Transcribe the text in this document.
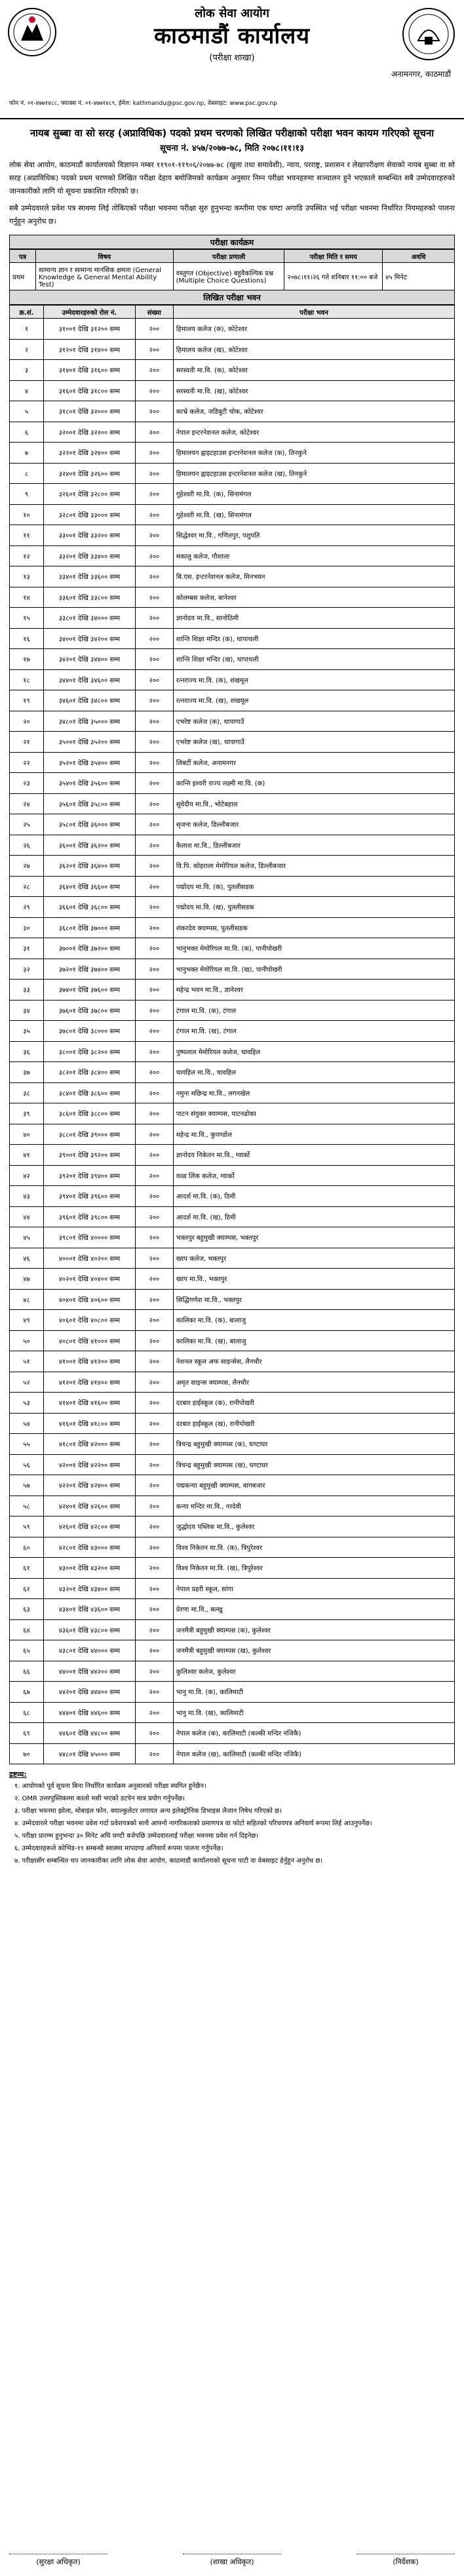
लोक सेवा आयोग
काठमाडौं कार्यालय
(परीक्षा शाखा)
अनामनगर, काठमाडौं
फोन नं. ०१-४७७१४८८, फ्याक्स नं. ०१-४७७१४८९, ईमेल: kathmandu@psc.gov.np, वेबसाइट: www.psc.gov.np
नायब सुब्बा वा सो सरह (अप्राविधिक) पदको प्रथम चरणको लिखित परीक्षाको परीक्षा भवन कायम गरिएको सूचना
सूचना नं. ४५७/२०७७-७८, मिति २०७८।११।१३

लोक सेवा आयोग, काठमाडौं कार्यालयको विज्ञापन नम्बर ११९०१-११९०६/२०७७-७८ (खुला तथा समावेशी), न्याय, परराष्ट्र, प्रशासन र लेखापरीक्षण सेवाको नायब सुब्बा वा सो सरह (अप्राविधिक) पदको प्रथम चरणको लिखित परीक्षा देहाय बमोजिमको कार्यक्रम अनुसार निम्न परीक्षा भवनहरुमा सञ्चालन हुने भएकाले सम्बन्धित सबै उम्मेदवारहरुको जानकारीको लागि यो सूचना प्रकाशित गरिएको छ।

सबै उम्मेदवारले प्रवेश पत्र साथमा लिई तोकिएको परीक्षा भवनमा परीक्षा सुरु हुनुभन्दा कम्तीमा एक घण्टा अगाडि उपस्थित भई परीक्षा भवनमा निर्धारित नियमहरुको पालना गर्नुहुन अनुरोध छ।

परीक्षा कार्यक्रम
पत्र	विषय	परीक्षा प्रणाली	परीक्षा मिति र समय	अवधि
प्रथम	सामान्य ज्ञान र सामान्य मानसिक क्षमता (General Knowledge & General Mental Ability Test)	वस्तुगत (Objective) बहुवैकल्पिक प्रश्न (Multiple Choice Questions)	२०७८।११।२६ गते शनिबार ११:०० बजे	४५ मिनेट
लिखित परीक्षा भवन
क्र.सं.	उम्मेदवारहरुको रोल नं.	संख्या	परीक्षा भवन
१	३१००१ देखि ३१२०० सम्म	२००	हिमालय कलेज (क), कोटेश्वर
२	३१२०१ देखि ३१४०० सम्म	२००	हिमालय कलेज (ख), कोटेश्वर
३	३१४०१ देखि ३१६०० सम्म	२००	सरस्वती मा.वि. (क), कोटेश्वर
४	३१६०१ देखि ३१८०० सम्म	२००	सरस्वती मा.वि. (ख), कोटेश्वर
५	३१८०१ देखि ३२००० सम्म	२००	काभ्रे कलेज, जडिबुटी चोक, कोटेश्वर
६	३२००१ देखि ३२२०० सम्म	२००	नेपाल इन्टरनेशनल कलेज, कोटेश्वर
७	३२२०१ देखि ३२४०० सम्म	२००	हिमालयन ह्वाइटहाउस इन्टरनेशनल कलेज (क), तिनकुने
८	३२४०१ देखि ३२६०० सम्म	२००	हिमालयन ह्वाइटहाउस इन्टरनेशनल कलेज (ख), तिनकुने
९	३२६०१ देखि ३२८०० सम्म	२००	गुहेश्वरी मा.वि. (क), सिनामंगल
१०	३२८०१ देखि ३३००० सम्म	२००	गुहेश्वरी मा.वि. (ख), सिनामंगल
११	३३००१ देखि ३३२०० सम्म	२००	सिद्धेश्वर मा.वि., गणितपुर, पशुपति
१२	३३२०१ देखि ३३४०० सम्म	२००	मकालु कलेज, गौशाला
१३	३३४०१ देखि ३३६०० सम्म	२००	बि.एस. इन्टरनेशनल कलेज, मिनभवन
१४	३३६०१ देखि ३३८०० सम्म	२००	कोलम्बस कलेज, बानेश्वर
१५	३३८०१ देखि ३४००० सम्म	२००	ज्ञानोदय मा.वि., सानोठिमी
१६	३४००१ देखि ३४२०० सम्म	२००	शान्ति शिक्षा मन्दिर (क), थापाथली
१७	३४२०१ देखि ३४४०० सम्म	२००	शान्ति शिक्षा मन्दिर (ख), थापाथली
१८	३४४०१ देखि ३४६०० सम्म	२००	रत्नराज्य मा.वि. (क), शंखमूल
१९	३४६०१ देखि ३४८०० सम्म	२००	रत्नराज्य मा.वि. (ख), शंखमूल
२०	३४८०१ देखि ३५००० सम्म	२००	एभरेष्ट कलेज (क), थापागाउँ
२१	३५००१ देखि ३५२०० सम्म	२००	एभरेष्ट कलेज (ख), थापागाउँ
२२	३५२०१ देखि ३५४०० सम्म	२००	लिबर्टी कलेज, अनामनगर
२३	३५४०१ देखि ३५६०० सम्म	२००	कान्ति इश्वरी राज्य लक्ष्मी मा.वि. (क)
२४	३५६०१ देखि ३५८०० सम्म	२००	सुवेदीय मा.वि., भोटेबहाल
२५	३५८०१ देखि ३६००० सम्म	२००	सृजना कलेज, डिल्लीबजार
२६	३६००१ देखि ३६२०० सम्म	२००	कैलाश मा.वि., डिल्लीबजार
२७	३६२०१ देखि ३६४०० सम्म	२००	वि.पि. कोइराला मेमोरियल कलेज, डिल्लीबजार
२८	३६४०१ देखि ३६६०० सम्म	२००	पद्मोदय मा.वि. (क), पुतलीसडक
२९	३६६०१ देखि ३६८०० सम्म	२००	पद्मोदय मा.वि. (ख), पुतलीसडक
३०	३६८०१ देखि ३७००० सम्म	२००	शंकरदेव क्याम्पस, पुतलीसडक
३१	३७००१ देखि ३७२०० सम्म	२००	भानुभक्त मेमोरियल मा.वि. (क), पानीपोखरी
३२	३७२०१ देखि ३७४०० सम्म	२००	भानुभक्त मेमोरियल मा.वि. (ख), पानीपोखरी
३३	३७४०१ देखि ३७६०० सम्म	२००	महेन्द्र भवन मा.वि., ज्ञानेश्वर
३४	३७६०१ देखि ३७८०० सम्म	२००	टंगाल मा.वि. (क), टंगाल
३५	३७८०१ देखि ३८००० सम्म	२००	टंगाल मा.वि. (ख), टंगाल
३६	३८००१ देखि ३८२०० सम्म	२००	पुष्पलाल मेमोरियल कलेज, चावहिल
३७	३८२०१ देखि ३८४०० सम्म	२००	चावहिल मा.वि., चावहिल
३८	३८४०१ देखि ३८६०० सम्म	२००	नमुना मछिन्द्र मा.वि., लगनखेल
३९	३८६०१ देखि ३८८०० सम्म	२००	पाटन संयुक्त क्याम्पस, पाटनढोका
४०	३८८०१ देखि ३९००० सम्म	२००	महेन्द्र मा.वि., कुपण्डोल
४१	३९००१ देखि ३९२०० सम्म	२००	ज्ञानोदय निकेतन मा.वि., ग्वार्को
४२	३९२०१ देखि ३९४०० सम्म	२००	वल्र्ड लिंक कलेज, ग्वार्को
४३	३९४०१ देखि ३९६०० सम्म	२००	आदर्श मा.वि. (क), ठिमी
४४	३९६०१ देखि ३९८०० सम्म	२००	आदर्श मा.वि. (ख), ठिमी
४५	३९८०१ देखि ४०००० सम्म	२००	भक्तपुर बहुमुखी क्याम्पस, भक्तपुर
४६	४०००१ देखि ४०२०० सम्म	२००	ख्वप कलेज, भक्तपुर
४७	४०२०१ देखि ४०४०० सम्म	२००	ख्वप मा.वि., भक्तपुर
४८	४०४०१ देखि ४०६०० सम्म	२००	सिद्धिगणेश मा.वि., भक्तपुर
४९	४०६०१ देखि ४०८०० सम्म	२००	कालिका मा.वि. (क), बालाजु
५०	४०८०१ देखि ४१००० सम्म	२००	कालिका मा.वि. (ख), बालाजु
५१	४१००१ देखि ४१२०० सम्म	२००	नेशनल स्कूल अफ साइन्सेस, लैनचौर
५२	४१२०१ देखि ४१४०० सम्म	२००	अमृत साइन्स क्याम्पस, लैनचौर
५३	४१४०१ देखि ४१६०० सम्म	२००	दरबार हाईस्कूल (क), रानीपोखरी
५४	४१६०१ देखि ४१८०० सम्म	२००	दरबार हाईस्कूल (ख), रानीपोखरी
५५	४१८०१ देखि ४२००० सम्म	२००	त्रिचन्द्र बहुमुखी क्याम्पस (क), घण्टाघर
५६	४२००१ देखि ४२२०० सम्म	२००	त्रिचन्द्र बहुमुखी क्याम्पस (ख), घण्टाघर
५७	४२२०१ देखि ४२४०० सम्म	२००	पद्मकन्या बहुमुखी क्याम्पस, बागबजार
५८	४२४०१ देखि ४२६०० सम्म	२००	कन्या मन्दिर मा.वि., नरदेवी
५९	४२६०१ देखि ४२८०० सम्म	२००	जुद्धोदय पब्लिक मा.वि., कुलेश्वर
६०	४२८०१ देखि ४३००० सम्म	२००	विश्व निकेतन मा.वि. (क), त्रिपुरेश्वर
६१	४३००१ देखि ४३२०० सम्म	२००	विश्व निकेतन मा.वि. (ख), त्रिपुरेश्वर
६२	४३२०१ देखि ४३४०० सम्म	२००	नेपाल प्रहरी स्कूल, सांगा
६३	४३४०१ देखि ४३६०० सम्म	२००	प्रेरणा मा.वि., बल्खु
६४	४३६०१ देखि ४३८०० सम्म	२००	जनमैत्री बहुमुखी क्याम्पस (क), कुलेश्वर
६५	४३८०१ देखि ४४००० सम्म	२००	जनमैत्री बहुमुखी क्याम्पस (ख), कुलेश्वर
६६	४४००१ देखि ४४२०० सम्म	२००	कुलिश्वर कलेज, कुलेश्वर
६७	४४२०१ देखि ४४४०० सम्म	२००	भानु मा.वि. (क), कालिमाटी
६८	४४४०१ देखि ४४६०० सम्म	२००	भानु मा.वि. (ख), कालिमाटी
६९	४४६०१ देखि ४४८०० सम्म	२००	नेपाल कलेज (क), कालिमाटी (कल्की मन्दिर नजिकै)
७०	४४८०१ देखि ४५००० सम्म	२००	नेपाल कलेज (ख), कालिमाटी (कल्की मन्दिर नजिकै)
द्रष्टव्य:
१. आयोगको पूर्व सूचना बिना निर्धारित कार्यक्रम अनुसारको परीक्षा स्थगित हुनेछैन।
२. OMR उत्तरपुस्तिकामा कालो मसी भएको डटपेन मात्र प्रयोग गर्नुपर्नेछ।
३. परीक्षा भवनमा झोला, मोबाइल फोन, क्याल्कुलेटर लगायत अन्य इलेक्ट्रोनिक डिभाइस लैजान निषेध गरिएको छ।
४. उम्मेदवारले परीक्षा भवनमा प्रवेश गर्दा प्रवेशपत्रको साथै आफ्नो नागरिकताको प्रमाणपत्र वा फोटो सहितको परिचयपत्र अनिवार्य रूपमा लिई आउनुपर्नेछ।
५. परीक्षा प्रारम्भ हुनुभन्दा ३० मिनेट अघि घण्टी बजेपछि उम्मेदवारलाई परीक्षा भवनमा प्रवेश गर्न दिइनेछ।
६. उम्मेदवारहरूले कोभिड-१९ सम्बन्धी स्वास्थ्य मापदण्ड अनिवार्य रूपमा पालना गर्नुपर्नेछ।
७. परीक्षासँग सम्बन्धित थप जानकारीका लागि लोक सेवा आयोग, काठमाडौं कार्यालयको सूचना पाटी वा वेबसाइट हेर्नुहुन अनुरोध छ।
(सुरक्षा अधिकृत)	(शाखा अधिकृत)	(निर्देशक)
